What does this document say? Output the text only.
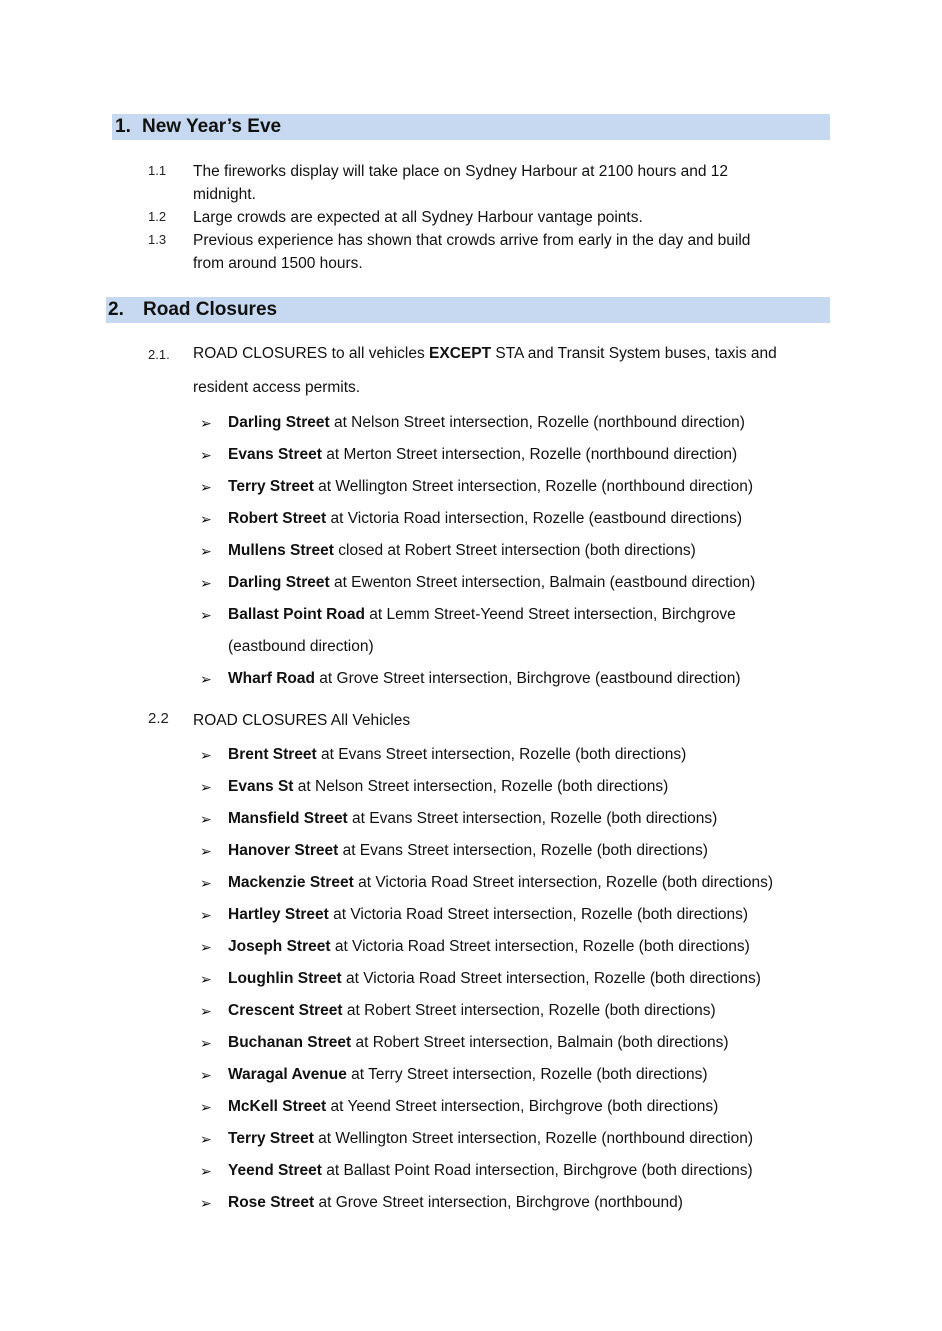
1. New Year’s Eve
1.1 The fireworks display will take place on Sydney Harbour at 2100 hours and 12
midnight.
1.2 Large crowds are expected at all Sydney Harbour vantage points.
1.3 Previous experience has shown that crowds arrive from early in the day and build
from around 1500 hours.
2. Road Closures
2.1. ROAD CLOSURES to all vehicles EXCEPT STA and Transit System buses, taxis and
resident access permits.
➢ Darling Street at Nelson Street intersection, Rozelle (northbound direction)
➢ Evans Street at Merton Street intersection, Rozelle (northbound direction)
➢ Terry Street at Wellington Street intersection, Rozelle (northbound direction)
➢ Robert Street at Victoria Road intersection, Rozelle (eastbound directions)
➢ Mullens Street closed at Robert Street intersection (both directions)
➢ Darling Street at Ewenton Street intersection, Balmain (eastbound direction)
➢ Ballast Point Road at Lemm Street-Yeend Street intersection, Birchgrove
(eastbound direction)
➢ Wharf Road at Grove Street intersection, Birchgrove (eastbound direction)
2.2 ROAD CLOSURES All Vehicles
➢ Brent Street at Evans Street intersection, Rozelle (both directions)
➢ Evans St at Nelson Street intersection, Rozelle (both directions)
➢ Mansfield Street at Evans Street intersection, Rozelle (both directions)
➢ Hanover Street at Evans Street intersection, Rozelle (both directions)
➢ Mackenzie Street at Victoria Road Street intersection, Rozelle (both directions)
➢ Hartley Street at Victoria Road Street intersection, Rozelle (both directions)
➢ Joseph Street at Victoria Road Street intersection, Rozelle (both directions)
➢ Loughlin Street at Victoria Road Street intersection, Rozelle (both directions)
➢ Crescent Street at Robert Street intersection, Rozelle (both directions)
➢ Buchanan Street at Robert Street intersection, Balmain (both directions)
➢ Waragal Avenue at Terry Street intersection, Rozelle (both directions)
➢ McKell Street at Yeend Street intersection, Birchgrove (both directions)
➢ Terry Street at Wellington Street intersection, Rozelle (northbound direction)
➢ Yeend Street at Ballast Point Road intersection, Birchgrove (both directions)
➢ Rose Street at Grove Street intersection, Birchgrove (northbound)
